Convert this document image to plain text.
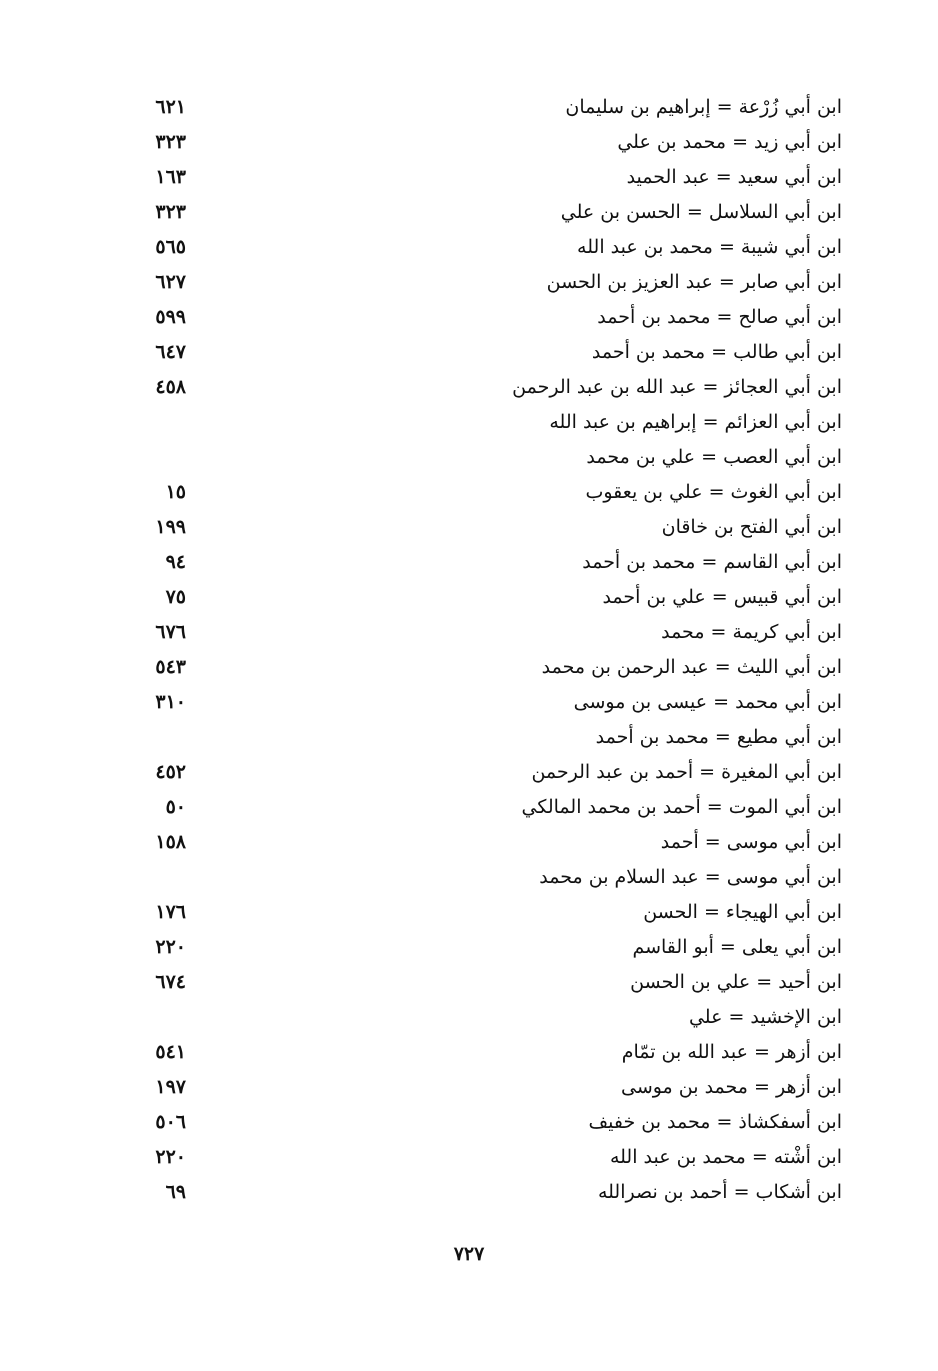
ابن أبي زُرْعة = إبراهيم بن سليمان
٦٢١
ابن أبي زيد = محمد بن علي
٣٢٣
ابن أبي سعيد = عبد الحميد
١٦٣
ابن أبي السلاسل = الحسن بن علي
٣٢٣
ابن أبي شيبة = محمد بن عبد الله
٥٦٥
ابن أبي صابر = عبد العزيز بن الحسن
٦٢٧
ابن أبي صالح = محمد بن أحمد
٥٩٩
ابن أبي طالب = محمد بن أحمد
٦٤٧
ابن أبي العجائز = عبد الله بن عبد الرحمن
٤٥٨
ابن أبي العزائم = إبراهيم بن عبد الله
ابن أبي العصب = علي بن محمد
ابن أبي الغوث = علي بن يعقوب
١٥
ابن أبي الفتح بن خاقان
١٩٩
ابن أبي القاسم = محمد بن أحمد
٩٤
ابن أبي قبيس = علي بن أحمد
٧٥
ابن أبي كريمة = محمد
٦٧٦
ابن أبي الليث = عبد الرحمن بن محمد
٥٤٣
ابن أبي محمد = عيسى بن موسى
٣١٠
ابن أبي مطيع = محمد بن أحمد
ابن أبي المغيرة = أحمد بن عبد الرحمن
٤٥٢
ابن أبي الموت = أحمد بن محمد المالكي
٥٠
ابن أبي موسى = أحمد
١٥٨
ابن أبي موسى = عبد السلام بن محمد
ابن أبي الهيجاء = الحسن
١٧٦
ابن أبي يعلى = أبو القاسم
٢٢٠
ابن أحيد = علي بن الحسن
٦٧٤
ابن الإخشيد = علي
ابن أزهر = عبد الله بن تمّام
٥٤١
ابن أزهر = محمد بن موسى
١٩٧
ابن أسفكشاذ = محمد بن خفيف
٥٠٦
ابن أشْته = محمد بن عبد الله
٢٢٠
ابن أشكاب = أحمد بن نصرالله
٦٩
٧٢٧
